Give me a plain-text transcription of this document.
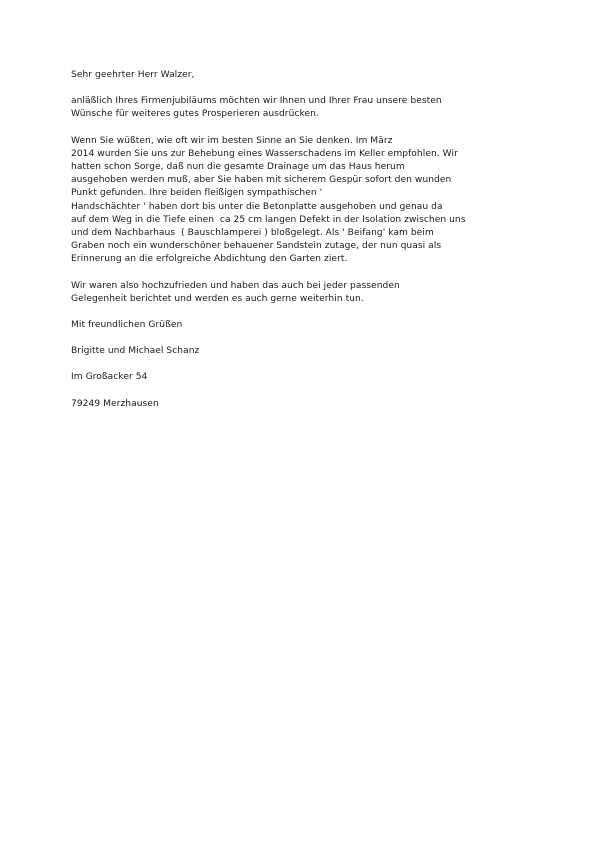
Sehr geehrter Herr Walzer,
anläßlich Ihres Firmenjubiläums möchten wir Ihnen und Ihrer Frau unsere besten
Wünsche für weiteres gutes Prosperieren ausdrücken.
Wenn Sie wüßten, wie oft wir im besten Sinne an Sie denken. Im März
2014 wurden Sie uns zur Behebung eines Wasserschadens im Keller empfohlen. Wir
hatten schon Sorge, daß nun die gesamte Drainage um das Haus herum
ausgehoben werden muß, aber Sie haben mit sicherem Gespür sofort den wunden
Punkt gefunden. Ihre beiden fleißigen sympathischen '
Handschächter ' haben dort bis unter die Betonplatte ausgehoben und genau da
auf dem Weg in die Tiefe einen  ca 25 cm langen Defekt in der Isolation zwischen uns
und dem Nachbarhaus  ( Bauschlamperei ) bloßgelegt. Als ' Beifang' kam beim
Graben noch ein wunderschöner behauener Sandstein zutage, der nun quasi als
Erinnerung an die erfolgreiche Abdichtung den Garten ziert.
Wir waren also hochzufrieden und haben das auch bei jeder passenden
Gelegenheit berichtet und werden es auch gerne weiterhin tun.
Mit freundlichen Grüßen
Brigitte und Michael Schanz
Im Großacker 54
79249 Merzhausen
